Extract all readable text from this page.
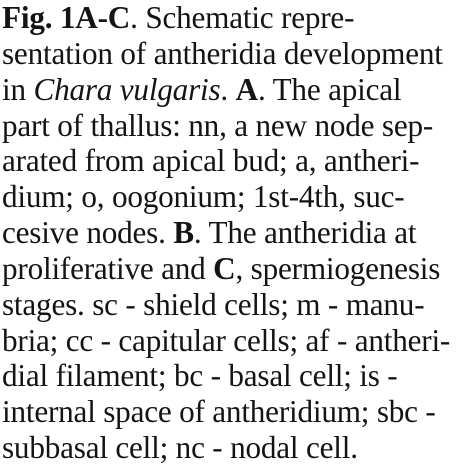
Fig. 1A-C. Schematic repre-
sentation of antheridia development
in Chara vulgaris. A. The apical
part of thallus: nn, a new node sep-
arated from apical bud; a, antheri-
dium; o, oogonium; 1st-4th, suc-
cesive nodes. B. The antheridia at
proliferative and C, spermiogenesis
stages. sc - shield cells; m - manu-
bria; cc - capitular cells; af - antheri-
dial filament; bc - basal cell; is -
internal space of antheridium; sbc -
subbasal cell; nc - nodal cell.
